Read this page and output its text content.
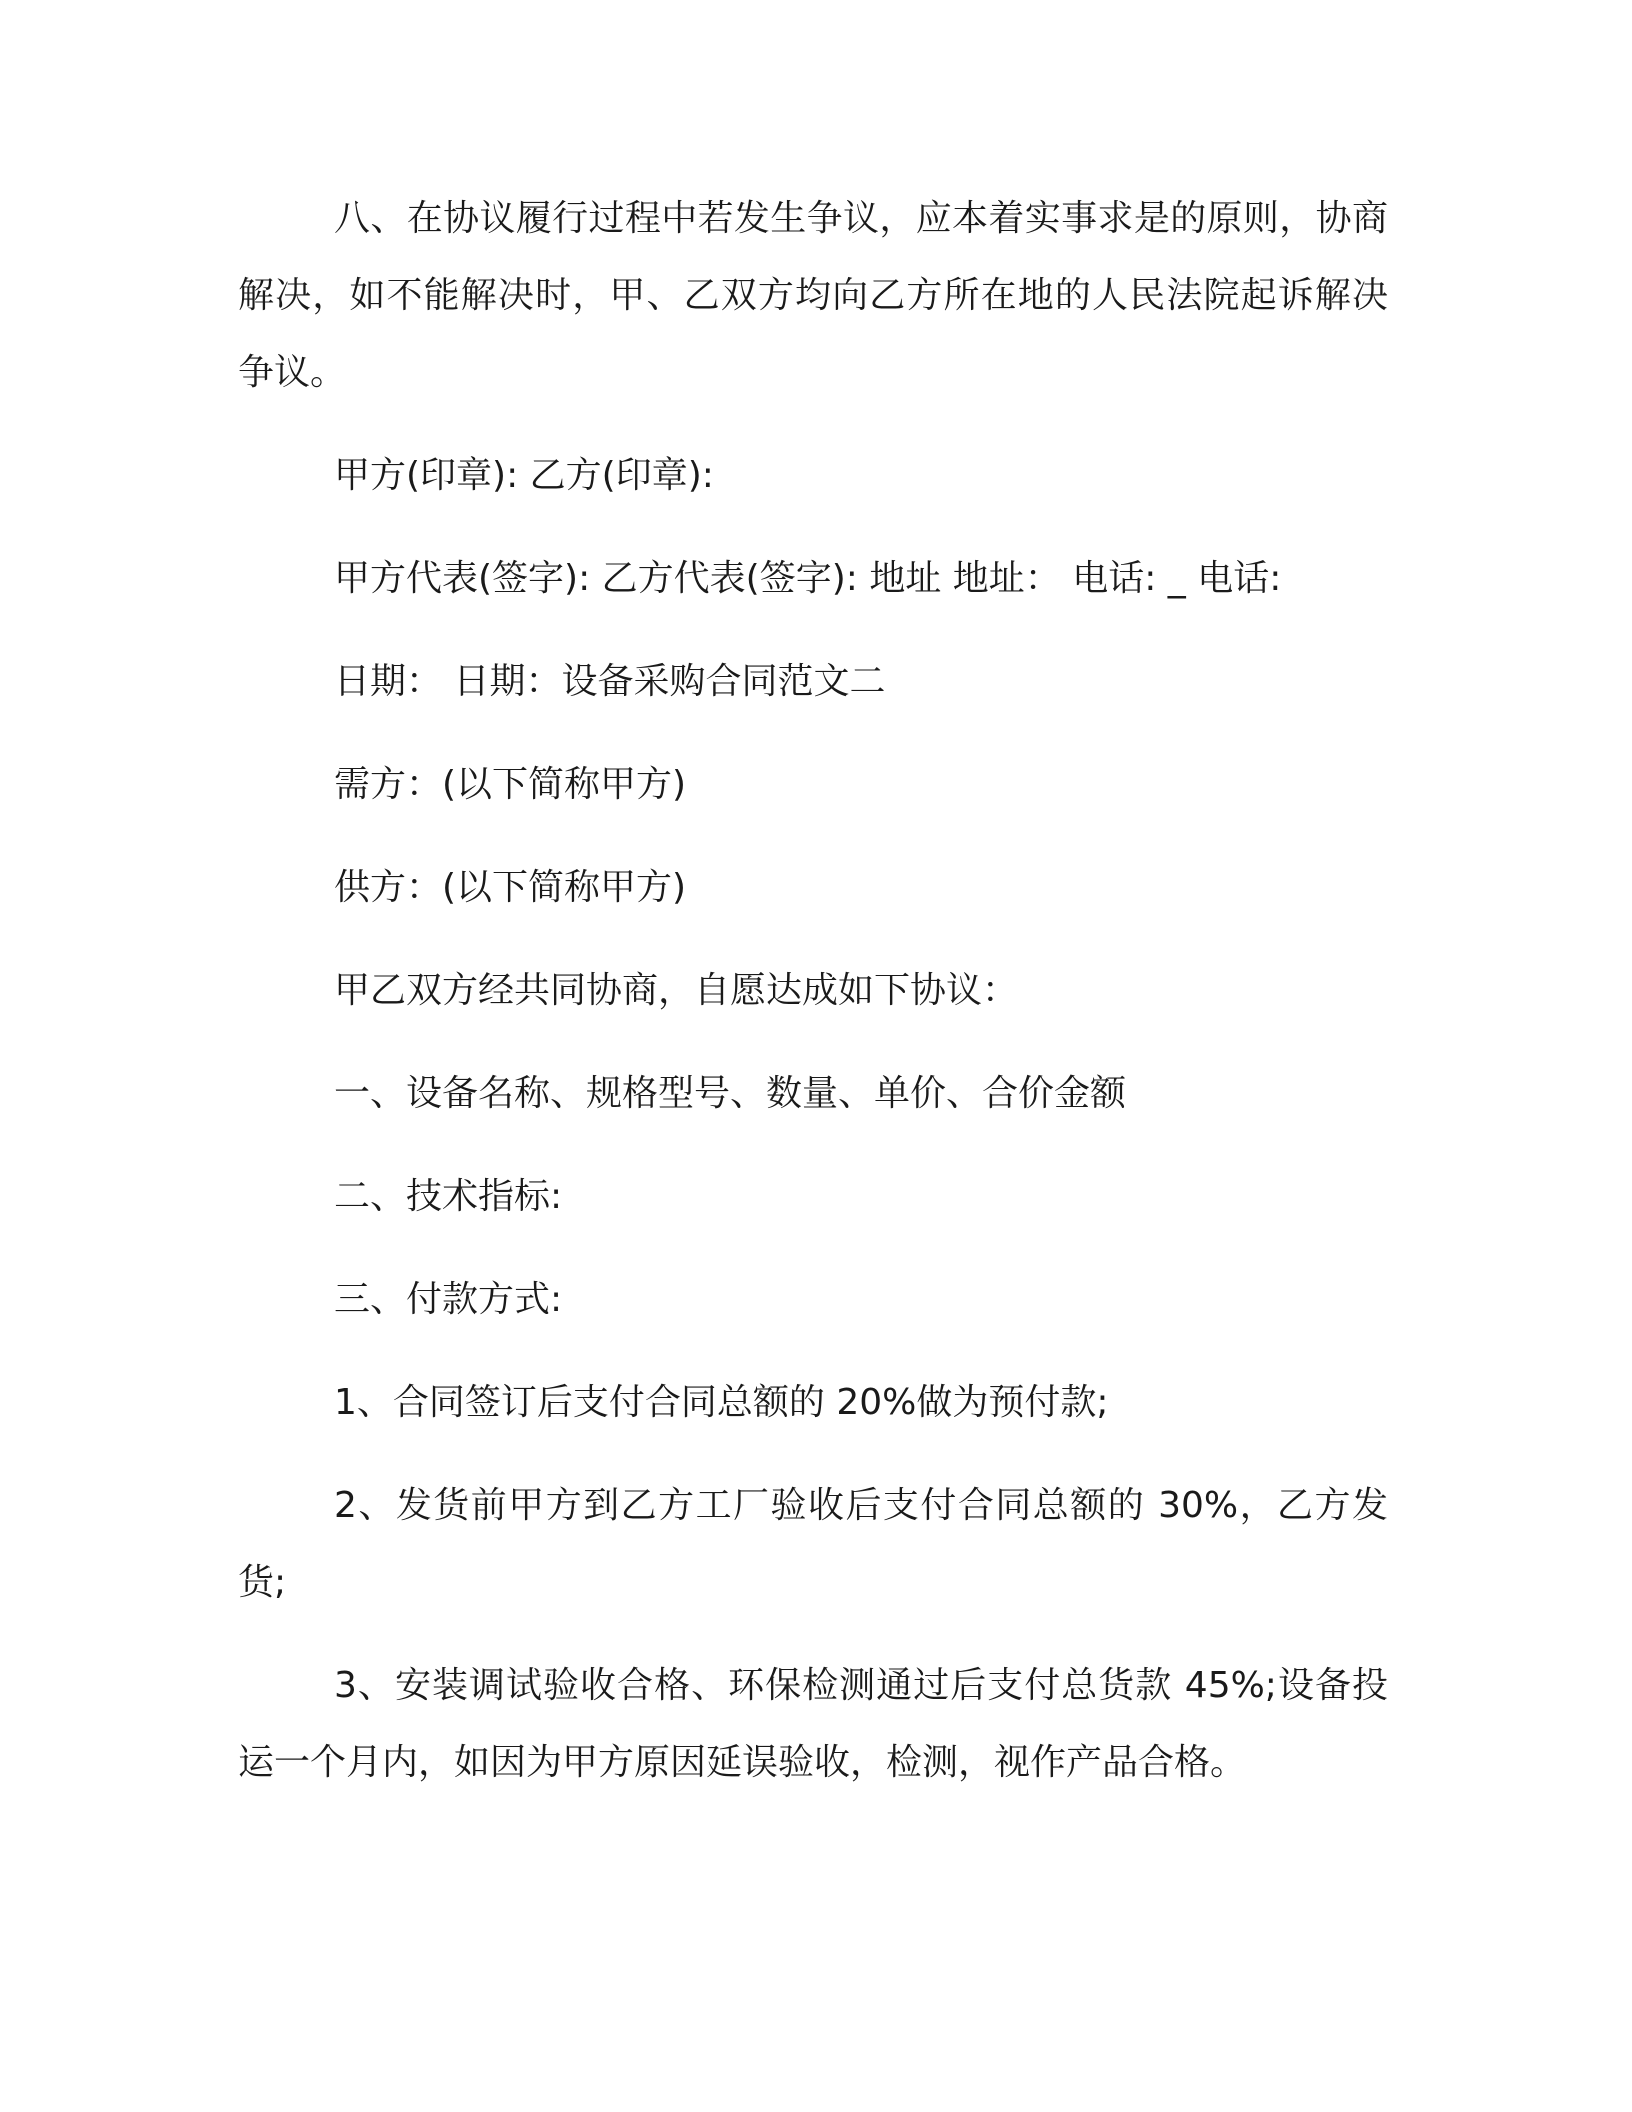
八、在协议履行过程中若发生争议，应本着实事求是的原则，协商解决，如不能解决时，甲、乙双方均向乙方所在地的人民法院起诉解决争议。

甲方(印章): 乙方(印章):

甲方代表(签字): 乙方代表(签字): 地址 地址： 电话: _ 电话:

日期： 日期：设备采购合同范文二

需方：(以下简称甲方)

供方：(以下简称甲方)

甲乙双方经共同协商，自愿达成如下协议：

一、设备名称、规格型号、数量、单价、合价金额

二、技术指标:

三、付款方式:

1、合同签订后支付合同总额的 20%做为预付款;

2、发货前甲方到乙方工厂验收后支付合同总额的 30%，乙方发货;

3、安装调试验收合格、环保检测通过后支付总货款 45%;设备投运一个月内，如因为甲方原因延误验收，检测，视作产品合格。
